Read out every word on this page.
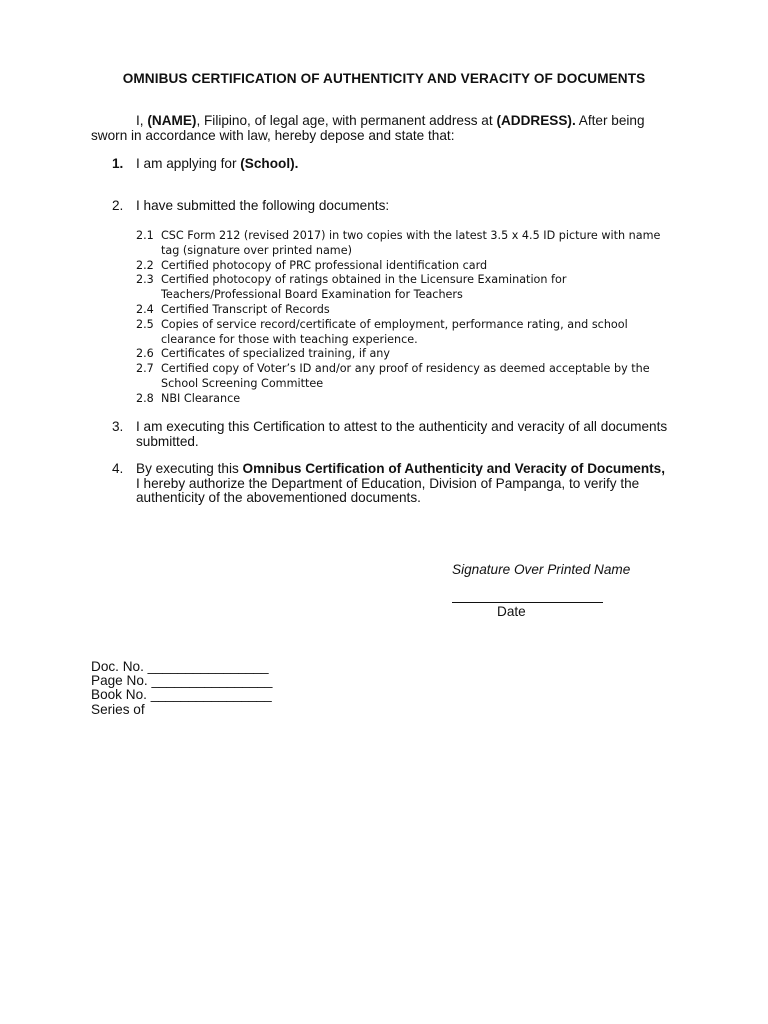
OMNIBUS CERTIFICATION OF AUTHENTICITY AND VERACITY OF DOCUMENTS
I, (NAME), Filipino, of legal age, with permanent address at (ADDRESS). After being sworn in accordance with law, hereby depose and state that:
1. I am applying for (School).
2. I have submitted the following documents:
2.1 CSC Form 212 (revised 2017) in two copies with the latest 3.5 x 4.5 ID picture with name tag (signature over printed name)
2.2 Certified photocopy of PRC professional identification card
2.3 Certified photocopy of ratings obtained in the Licensure Examination for Teachers/Professional Board Examination for Teachers
2.4 Certified Transcript of Records
2.5 Copies of service record/certificate of employment, performance rating, and school clearance for those with teaching experience.
2.6 Certificates of specialized training, if any
2.7 Certified copy of Voter’s ID and/or any proof of residency as deemed acceptable by the School Screening Committee
2.8 NBI Clearance
3. I am executing this Certification to attest to the authenticity and veracity of all documents submitted.
4. By executing this Omnibus Certification of Authenticity and Veracity of Documents, I hereby authorize the Department of Education, Division of Pampanga, to verify the authenticity of the abovementioned documents.
Signature Over Printed Name
Date
Doc. No. ________________
Page No. ________________
Book No. ________________
Series of
